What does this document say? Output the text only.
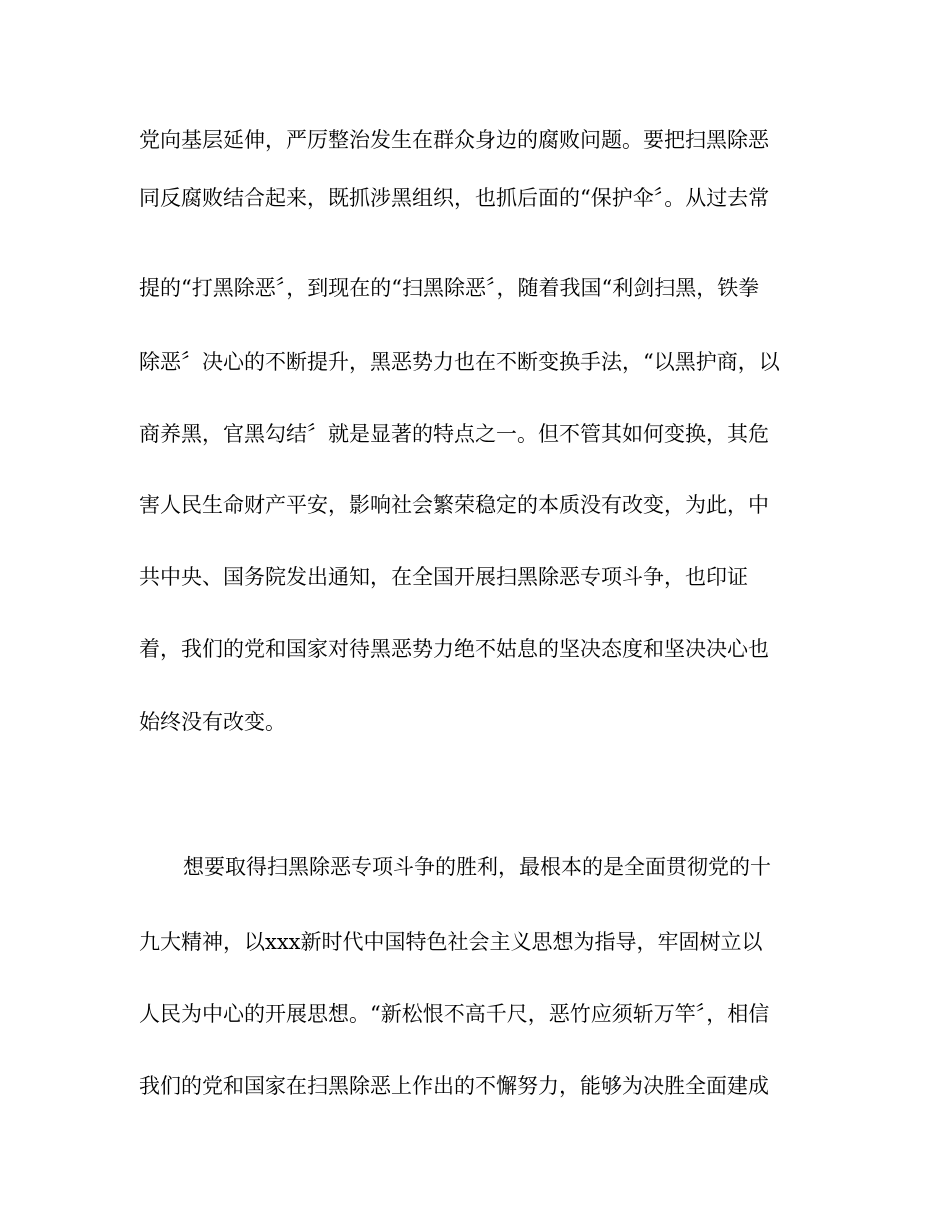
党向基层延伸，严厉整治发生在群众身边的腐败问题。要把扫黑除恶
同反腐败结合起来，既抓涉黑组织，也抓后面的“保护伞〞。从过去常
提的“打黑除恶〞，到现在的“扫黑除恶〞，随着我国“利剑扫黑，铁拳
除恶〞决心的不断提升，黑恶势力也在不断变换手法，“以黑护商，以
商养黑，官黑勾结〞就是显著的特点之一。但不管其如何变换，其危
害人民生命财产平安，影响社会繁荣稳定的本质没有改变，为此，中
共中央、国务院发出通知，在全国开展扫黑除恶专项斗争，也印证
着，我们的党和国家对待黑恶势力绝不姑息的坚决态度和坚决决心也
始终没有改变。
想要取得扫黑除恶专项斗争的胜利，最根本的是全面贯彻党的十
九大精神，以xxx新时代中国特色社会主义思想为指导，牢固树立以
人民为中心的开展思想。“新松恨不高千尺，恶竹应须斩万竿〞，相信
我们的党和国家在扫黑除恶上作出的不懈努力，能够为决胜全面建成
